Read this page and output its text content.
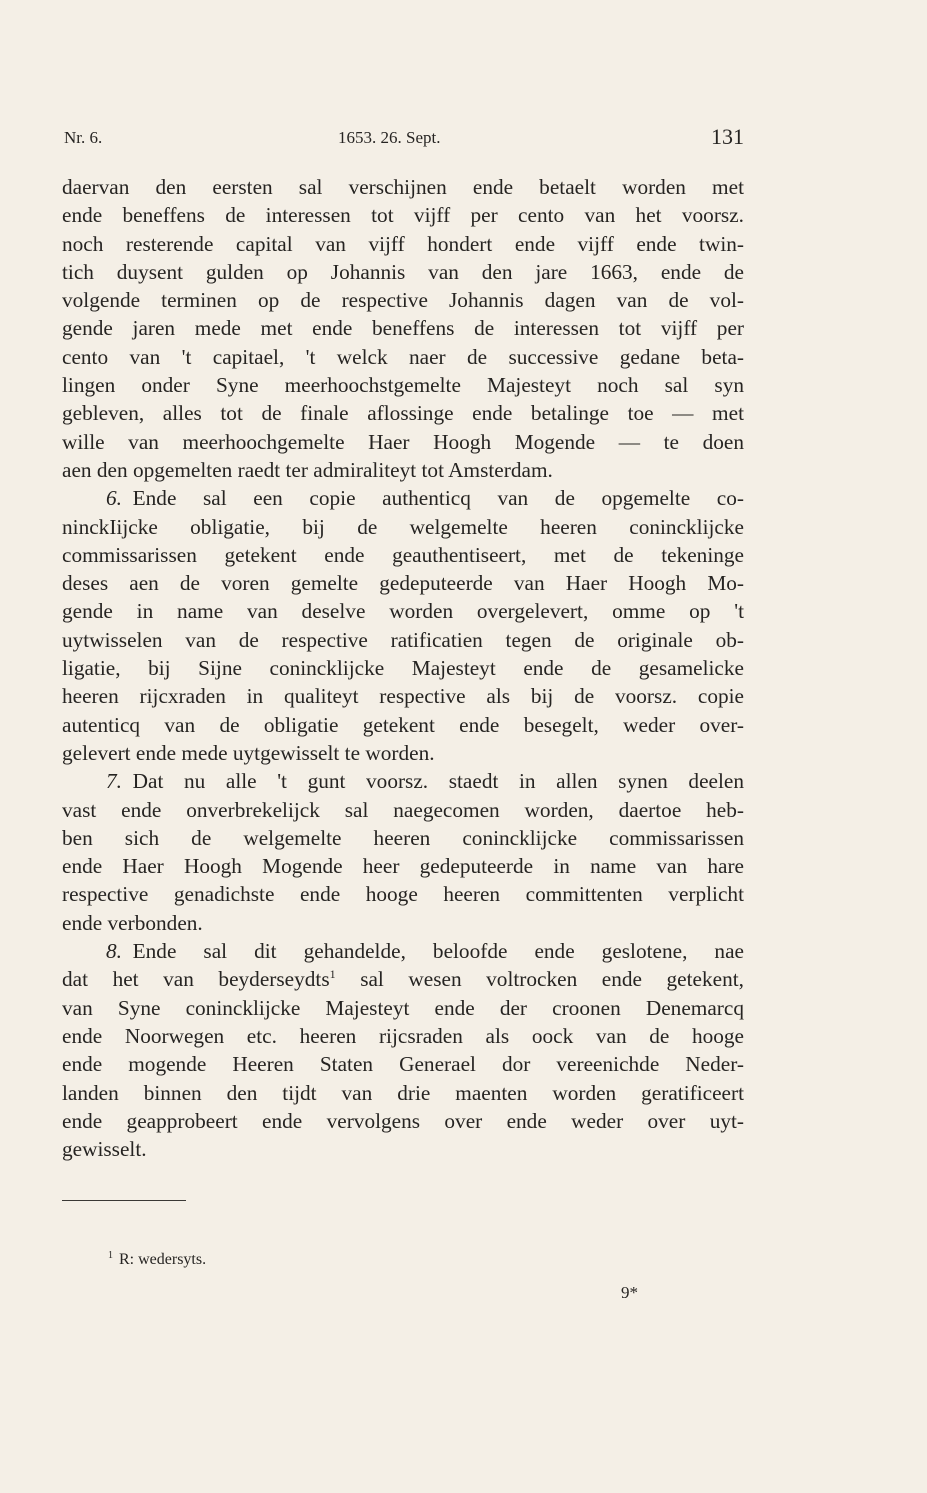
Nr. 6.	1653. 26. Sept.	131
daervan den eersten sal verschijnen ende betaelt worden met
ende beneffens de interessen tot vijff per cento van het voorsz.
noch resterende capital van vijff hondert ende vijff ende twin-
tich duysent gulden op Johannis van den jare 1663, ende de
volgende terminen op de respective Johannis dagen van de vol-
gende jaren mede met ende beneffens de interessen tot vijff per
cento van 't capitael, 't welck naer de successive gedane beta-
lingen onder Syne meerhoochstgemelte Majesteyt noch sal syn
gebleven, alles tot de finale aflossinge ende betalinge toe — met
wille van meerhoochgemelte Haer Hoogh Mogende — te doen
aen den opgemelten raedt ter admiraliteyt tot Amsterdam.
6.  Ende sal een copie authenticq van de opgemelte co-
ninckIijcke obligatie, bij de welgemelte heeren conincklijcke
commissarissen getekent ende geauthentiseert, met de tekeninge
deses aen de voren gemelte gedeputeerde van Haer Hoogh Mo-
gende in name van deselve worden overgelevert, omme op 't
uytwisselen van de respective ratificatien tegen de originale ob-
ligatie, bij Sijne conincklijcke Majesteyt ende de gesamelicke
heeren rijcxraden in qualiteyt respective als bij de voorsz. copie
autenticq van de obligatie getekent ende besegelt, weder over-
gelevert ende mede uytgewisselt te worden.
7.  Dat nu alle 't gunt voorsz. staedt in allen synen deelen
vast ende onverbrekelijck sal naegecomen worden, daertoe heb-
ben sich de welgemelte heeren conincklijcke commissarissen
ende Haer Hoogh Mogende heer gedeputeerde in name van hare
respective genadichste ende hooge heeren committenten verplicht
ende verbonden.
8.  Ende sal dit gehandelde, beloofde ende geslotene, nae
dat het van beyderseydts$^1$ sal wesen voltrocken ende getekent,
van Syne conincklijcke Majesteyt ende der croonen Denemarcq
ende Noorwegen etc. heeren rijcsraden als oock van de hooge
ende mogende Heeren Staten Generael dor vereenichde Neder-
landen binnen den tijdt van drie maenten worden geratificeert
ende geapprobeert ende vervolgens over ende weder over uyt-
gewisselt.
$^1$ R: wedersyts.
9*
